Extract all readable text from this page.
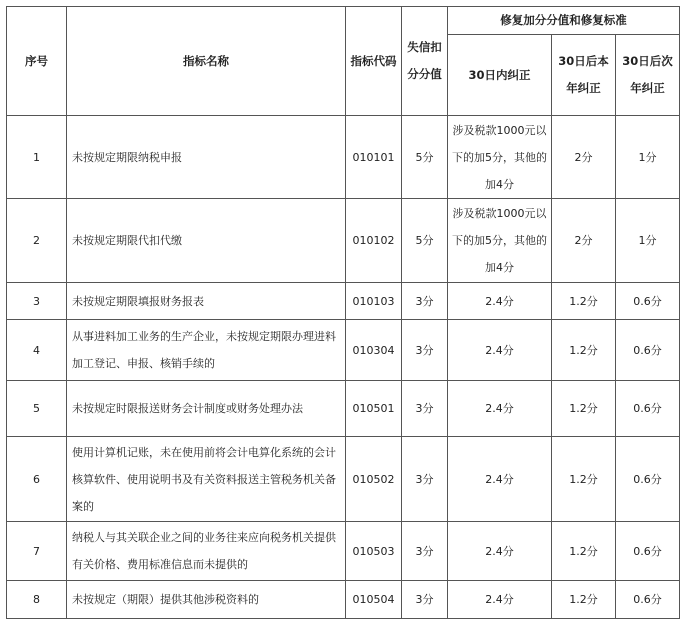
序号	指标名称	指标代码	失信扣分分值	修复加分分值和修复标准		
				30日内纠正	30日后本年纠正	30日后次年纠正
1	未按规定期限纳税申报	010101	5分	涉及税款1000元以下的加5分，其他的加4分	2分	1分
2	未按规定期限代扣代缴	010102	5分	涉及税款1000元以下的加5分，其他的加4分	2分	1分
3	未按规定期限填报财务报表	010103	3分	2.4分	1.2分	0.6分
4	从事进料加工业务的生产企业，未按规定期限办理进料加工登记、申报、核销手续的	010304	3分	2.4分	1.2分	0.6分
5	未按规定时限报送财务会计制度或财务处理办法	010501	3分	2.4分	1.2分	0.6分
6	使用计算机记账，未在使用前将会计电算化系统的会计核算软件、使用说明书及有关资料报送主管税务机关备案的	010502	3分	2.4分	1.2分	0.6分
7	纳税人与其关联企业之间的业务往来应向税务机关提供有关价格、费用标准信息而未提供的	010503	3分	2.4分	1.2分	0.6分
8	未按规定（期限）提供其他涉税资料的	010504	3分	2.4分	1.2分	0.6分
